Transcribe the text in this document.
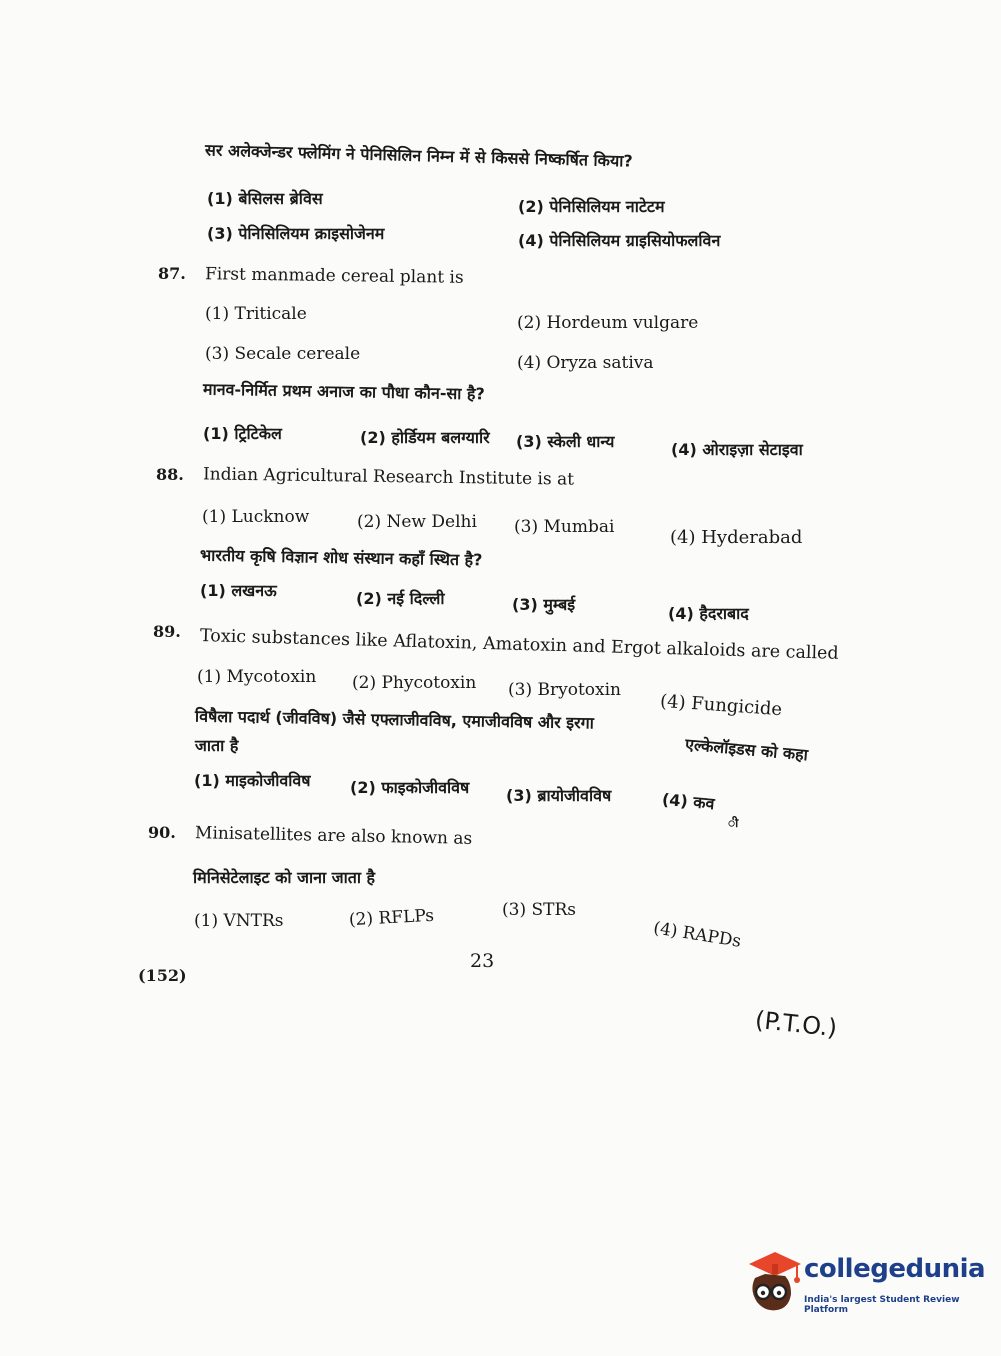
सर अलेक्जेन्डर फ्लेमिंग ने पेनिसिलिन निम्न में से किससे निष्कर्षित किया?
(1) बेसिलस ब्रेविस	(2) पेनिसिलियम नाटेटम
(3) पेनिसिलियम क्राइसोजेनम	(4) पेनिसिलियम ग्राइसियोफलविन
87. First manmade cereal plant is
(1) Triticale	(2) Hordeum vulgare
(3) Secale cereale	(4) Oryza sativa
मानव-निर्मित प्रथम अनाज का पौधा कौन-सा है?
(1) ट्रिटिकेल	(2) होर्डियम बलग्यारि (3) स्केली धान्य	(4) ओराइज़ा सेटाइवा
88. Indian Agricultural Research Institute is at
(1) Lucknow	(2) New Delhi (3) Mumbai	(4) Hyderabad
भारतीय कृषि विज्ञान शोध संस्थान कहाँ स्थित है?
(1) लखनऊ	(2) नई दिल्ली	(3) मुम्बई	(4) हैदराबाद
89. Toxic substances like Aflatoxin, Amatoxin and Ergot alkaloids are called
(1) Mycotoxin (2) Phycotoxin (3) Bryotoxin
(4) Fungicide
विषैला पदार्थ (जीवविष) जैसे एफ्लाजीवविष, एमाजीवविष और इरगा
एल्केलॉइडस को कहा
जाता है
(1) माइकोजीवविष (2) फाइकोजीवविष (3) ब्रायोजीवविष	(4) कव
ी
90. Minisatellites are also known as
मिनिसेटेलाइट को जाना जाता है
(1) VNTRs	(2) RFLPs	(3) STRs
(4) RAPDs
23
(152)
(P.T.O.)
collegedunia
India's largest Student Review Platform
